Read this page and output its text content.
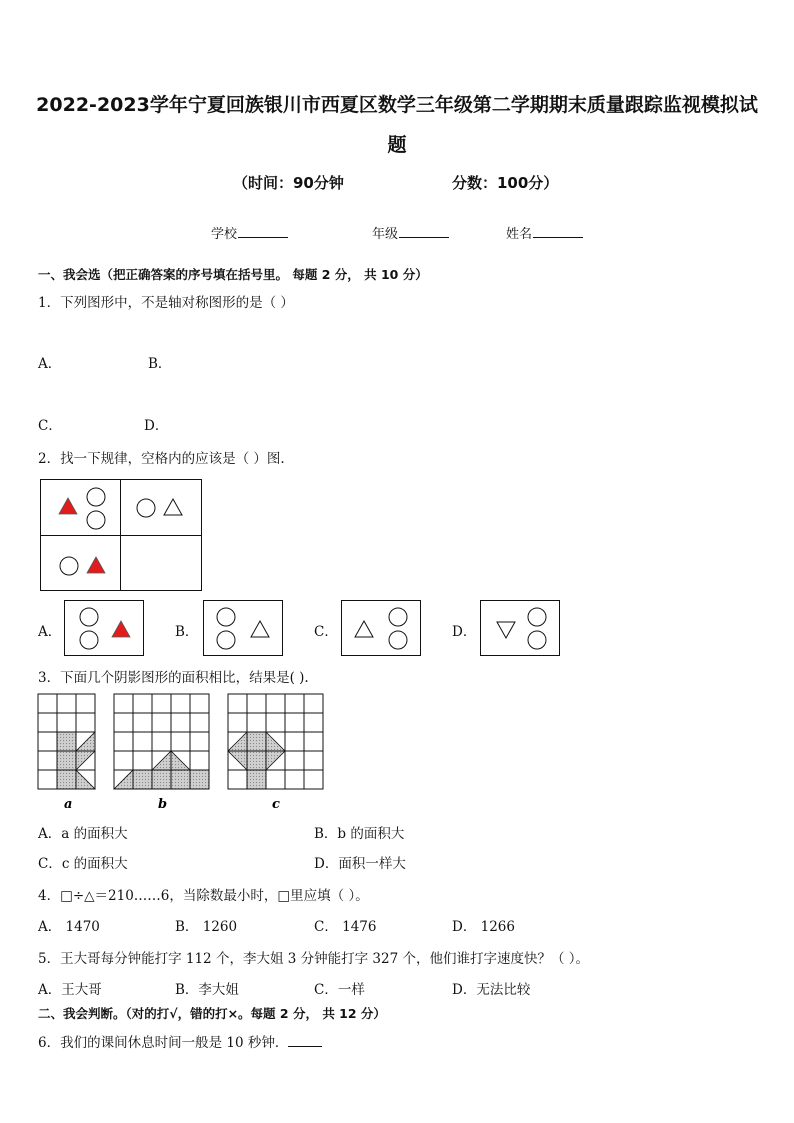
2022-2023学年宁夏回族银川市西夏区数学三年级第二学期期末质量跟踪监视模拟试
题
（时间：90分钟	分数：100分）
学校	年级	姓名
一、我会选（把正确答案的序号填在括号里。 每题 2 分， 共 10 分）
1．下列图形中，不是轴对称图形的是（ ）
A．	B．
C．	D．
2．找一下规律，空格内的应该是（ ）图.
A．	B．	C．	D．
3．下面几个阴影图形的面积相比，结果是( ).
a	b	c
A．a 的面积大	B．b 的面积大
C．c 的面积大	D．面积一样大
4．□÷△＝210……6，当除数最小时，□里应填（ ）。
A． 1470	B． 1260	C． 1476	D． 1266
5．王大哥每分钟能打字 112 个，李大姐 3 分钟能打字 327 个，他们谁打字速度快？（ ）。
A．王大哥	B．李大姐	C．一样	D．无法比较
二、我会判断。（对的打√，错的打×。每题 2 分， 共 12 分）
6．我们的课间休息时间一般是 10 秒钟．
